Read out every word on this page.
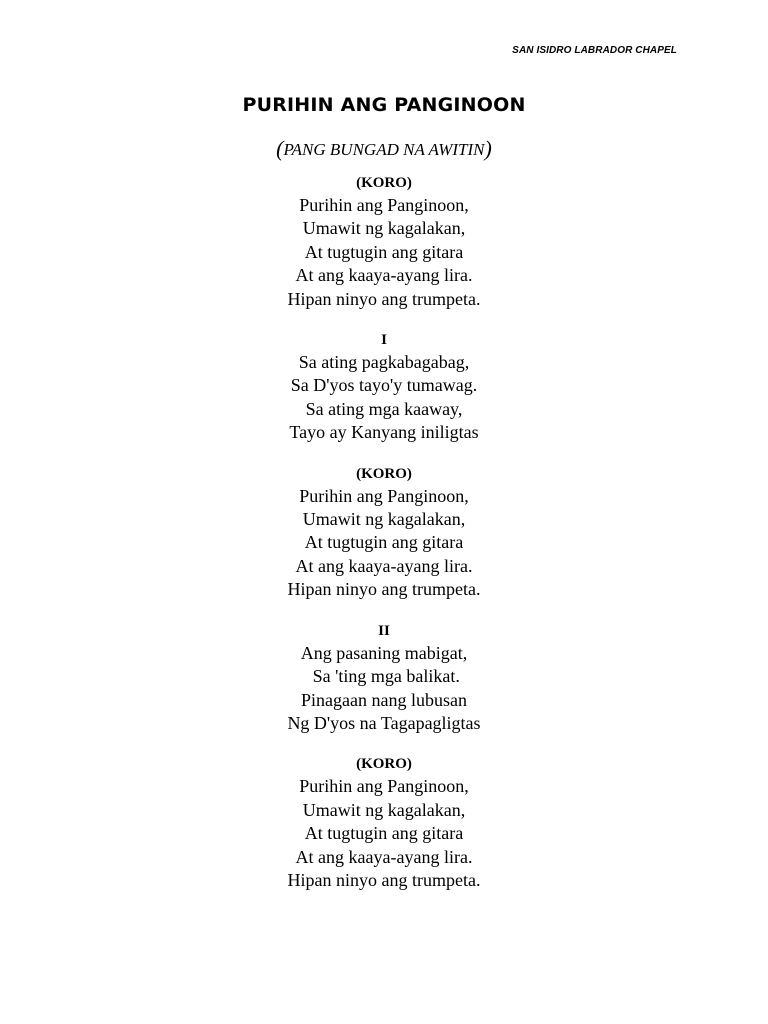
SAN ISIDRO LABRADOR CHAPEL
PURIHIN ANG PANGINOON
(PANG BUNGAD NA AWITIN)
(KORO)
Purihin ang Panginoon,
Umawit ng kagalakan,
At tugtugin ang gitara
At ang kaaya-ayang lira.
Hipan ninyo ang trumpeta.
I
Sa ating pagkabagabag,
Sa D'yos tayo'y tumawag.
Sa ating mga kaaway,
Tayo ay Kanyang iniligtas
(KORO)
Purihin ang Panginoon,
Umawit ng kagalakan,
At tugtugin ang gitara
At ang kaaya-ayang lira.
Hipan ninyo ang trumpeta.
II
Ang pasaning mabigat,
Sa 'ting mga balikat.
Pinagaan nang lubusan
Ng D'yos na Tagapagligtas
(KORO)
Purihin ang Panginoon,
Umawit ng kagalakan,
At tugtugin ang gitara
At ang kaaya-ayang lira.
Hipan ninyo ang trumpeta.
